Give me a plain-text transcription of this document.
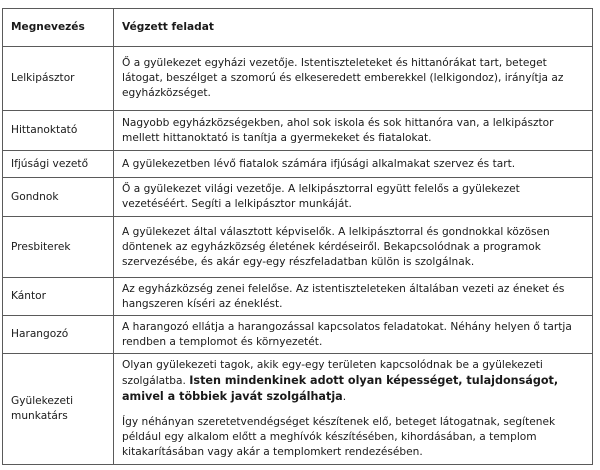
Megnevezés	Végzett feladat
Lelkipásztor	Ő a gyülekezet egyházi vezetője. Istentiszteleteket és hittanórákat tart, beteget látogat, beszélget a szomorú és elkeseredett emberekkel (lelkigondoz), irányítja az egyházközséget.
Hittanoktató	Nagyobb egyházközségekben, ahol sok iskola és sok hittanóra van, a lelkipásztor mellett hittanoktató is tanítja a gyermekeket és fiatalokat.
Ifjúsági vezető	A gyülekezetben lévő fiatalok számára ifjúsági alkalmakat szervez és tart.
Gondnok	Ő a gyülekezet világi vezetője. A lelkipásztorral együtt felelős a gyülekezet vezetéséért. Segíti a lelkipásztor munkáját.
Presbiterek	A gyülekezet által választott képviselők. A lelkipásztorral és gondnokkal közösen döntenek az egyházközség életének kérdéseiről. Bekapcsolódnak a programok szervezésébe, és akár egy-egy részfeladatban külön is szolgálnak.
Kántor	Az egyházközség zenei felelőse. Az istentiszteleteken általában vezeti az éneket és hangszeren kíséri az éneklést.
Harangozó	A harangozó ellátja a harangozással kapcsolatos feladatokat. Néhány helyen ő tartja rendben a templomot és környezetét.
Gyülekezeti munkatárs	Olyan gyülekezeti tagok, akik egy-egy területen kapcsolódnak be a gyülekezeti szolgálatba. Isten mindenkinek adott olyan képességet, tulajdonságot, amivel a többiek javát szolgálhatja.

Így néhányan szeretetvendégséget készítenek elő, beteget látogatnak, segítenek például egy alkalom előtt a meghívók készítésében, kihordásában, a templom kitakarításában vagy akár a templomkert rendezésében.
